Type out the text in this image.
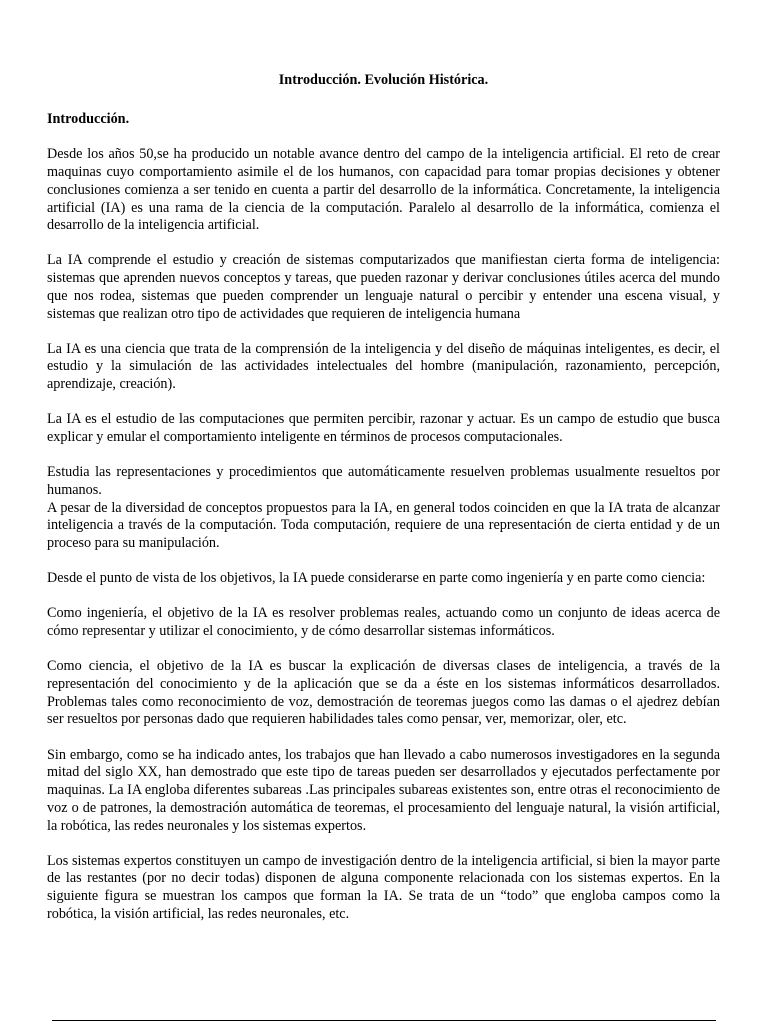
Introducción. Evolución Histórica.
Introducción.

Desde los años 50,se ha producido un notable avance dentro del campo de la inteligencia artificial. El reto de crear maquinas cuyo comportamiento asimile el de los humanos, con capacidad para tomar propias decisiones y obtener conclusiones comienza a ser tenido en cuenta a partir del desarrollo de la informática. Concretamente, la inteligencia artificial (IA) es una rama de la ciencia de la computación. Paralelo al desarrollo de la informática, comienza el desarrollo de la inteligencia artificial.

La IA comprende el estudio y creación de sistemas computarizados que manifiestan cierta forma de inteligencia: sistemas que aprenden nuevos conceptos y tareas, que pueden razonar y derivar conclusiones útiles acerca del mundo que nos rodea, sistemas que pueden comprender un lenguaje natural o percibir y entender una escena visual, y sistemas que realizan otro tipo de actividades que requieren de inteligencia humana

La IA es una ciencia que trata de la comprensión de la inteligencia y del diseño de máquinas inteligentes, es decir, el estudio y la simulación de las actividades intelectuales del hombre (manipulación, razonamiento, percepción, aprendizaje, creación).

La IA es el estudio de las computaciones que permiten percibir, razonar y actuar. Es un campo de estudio que busca explicar y emular el comportamiento inteligente en términos de procesos computacionales.

Estudia las representaciones y procedimientos que automáticamente resuelven problemas usualmente resueltos por humanos.

A pesar de la diversidad de conceptos propuestos para la IA, en general todos coinciden en que la IA trata de alcanzar inteligencia a través de la computación. Toda computación, requiere de una representación de cierta entidad y de un proceso para su manipulación.

Desde el punto de vista de los objetivos, la IA puede considerarse en parte como ingeniería y en parte como ciencia:

Como ingeniería, el objetivo de la IA es resolver problemas reales, actuando como un conjunto de ideas acerca de cómo representar y utilizar el conocimiento, y de cómo desarrollar sistemas informáticos.

Como ciencia, el objetivo de la IA es buscar la explicación de diversas clases de inteligencia, a través de la representación del conocimiento y de la aplicación que se da a éste en los sistemas informáticos desarrollados. Problemas tales como reconocimiento de voz, demostración de teoremas juegos como las damas o el ajedrez debían ser resueltos por personas dado que requieren habilidades tales como pensar, ver, memorizar, oler, etc.

Sin embargo, como se ha indicado antes, los trabajos que han llevado a cabo numerosos investigadores en la segunda mitad del siglo XX, han demostrado que este tipo de tareas pueden ser desarrollados y ejecutados perfectamente por maquinas. La IA engloba diferentes subareas .Las principales subareas existentes son, entre otras el reconocimiento de voz o de patrones, la demostración automática de teoremas, el procesamiento del lenguaje natural, la visión artificial, la robótica, las redes neuronales y los sistemas expertos.

Los sistemas expertos constituyen un campo de investigación dentro de la inteligencia artificial, si bien la mayor parte de las restantes (por no decir todas) disponen de alguna componente relacionada con los sistemas expertos. En la siguiente figura se muestran los campos que forman la IA. Se trata de un “todo” que engloba campos como la robótica, la visión artificial, las redes neuronales, etc.
